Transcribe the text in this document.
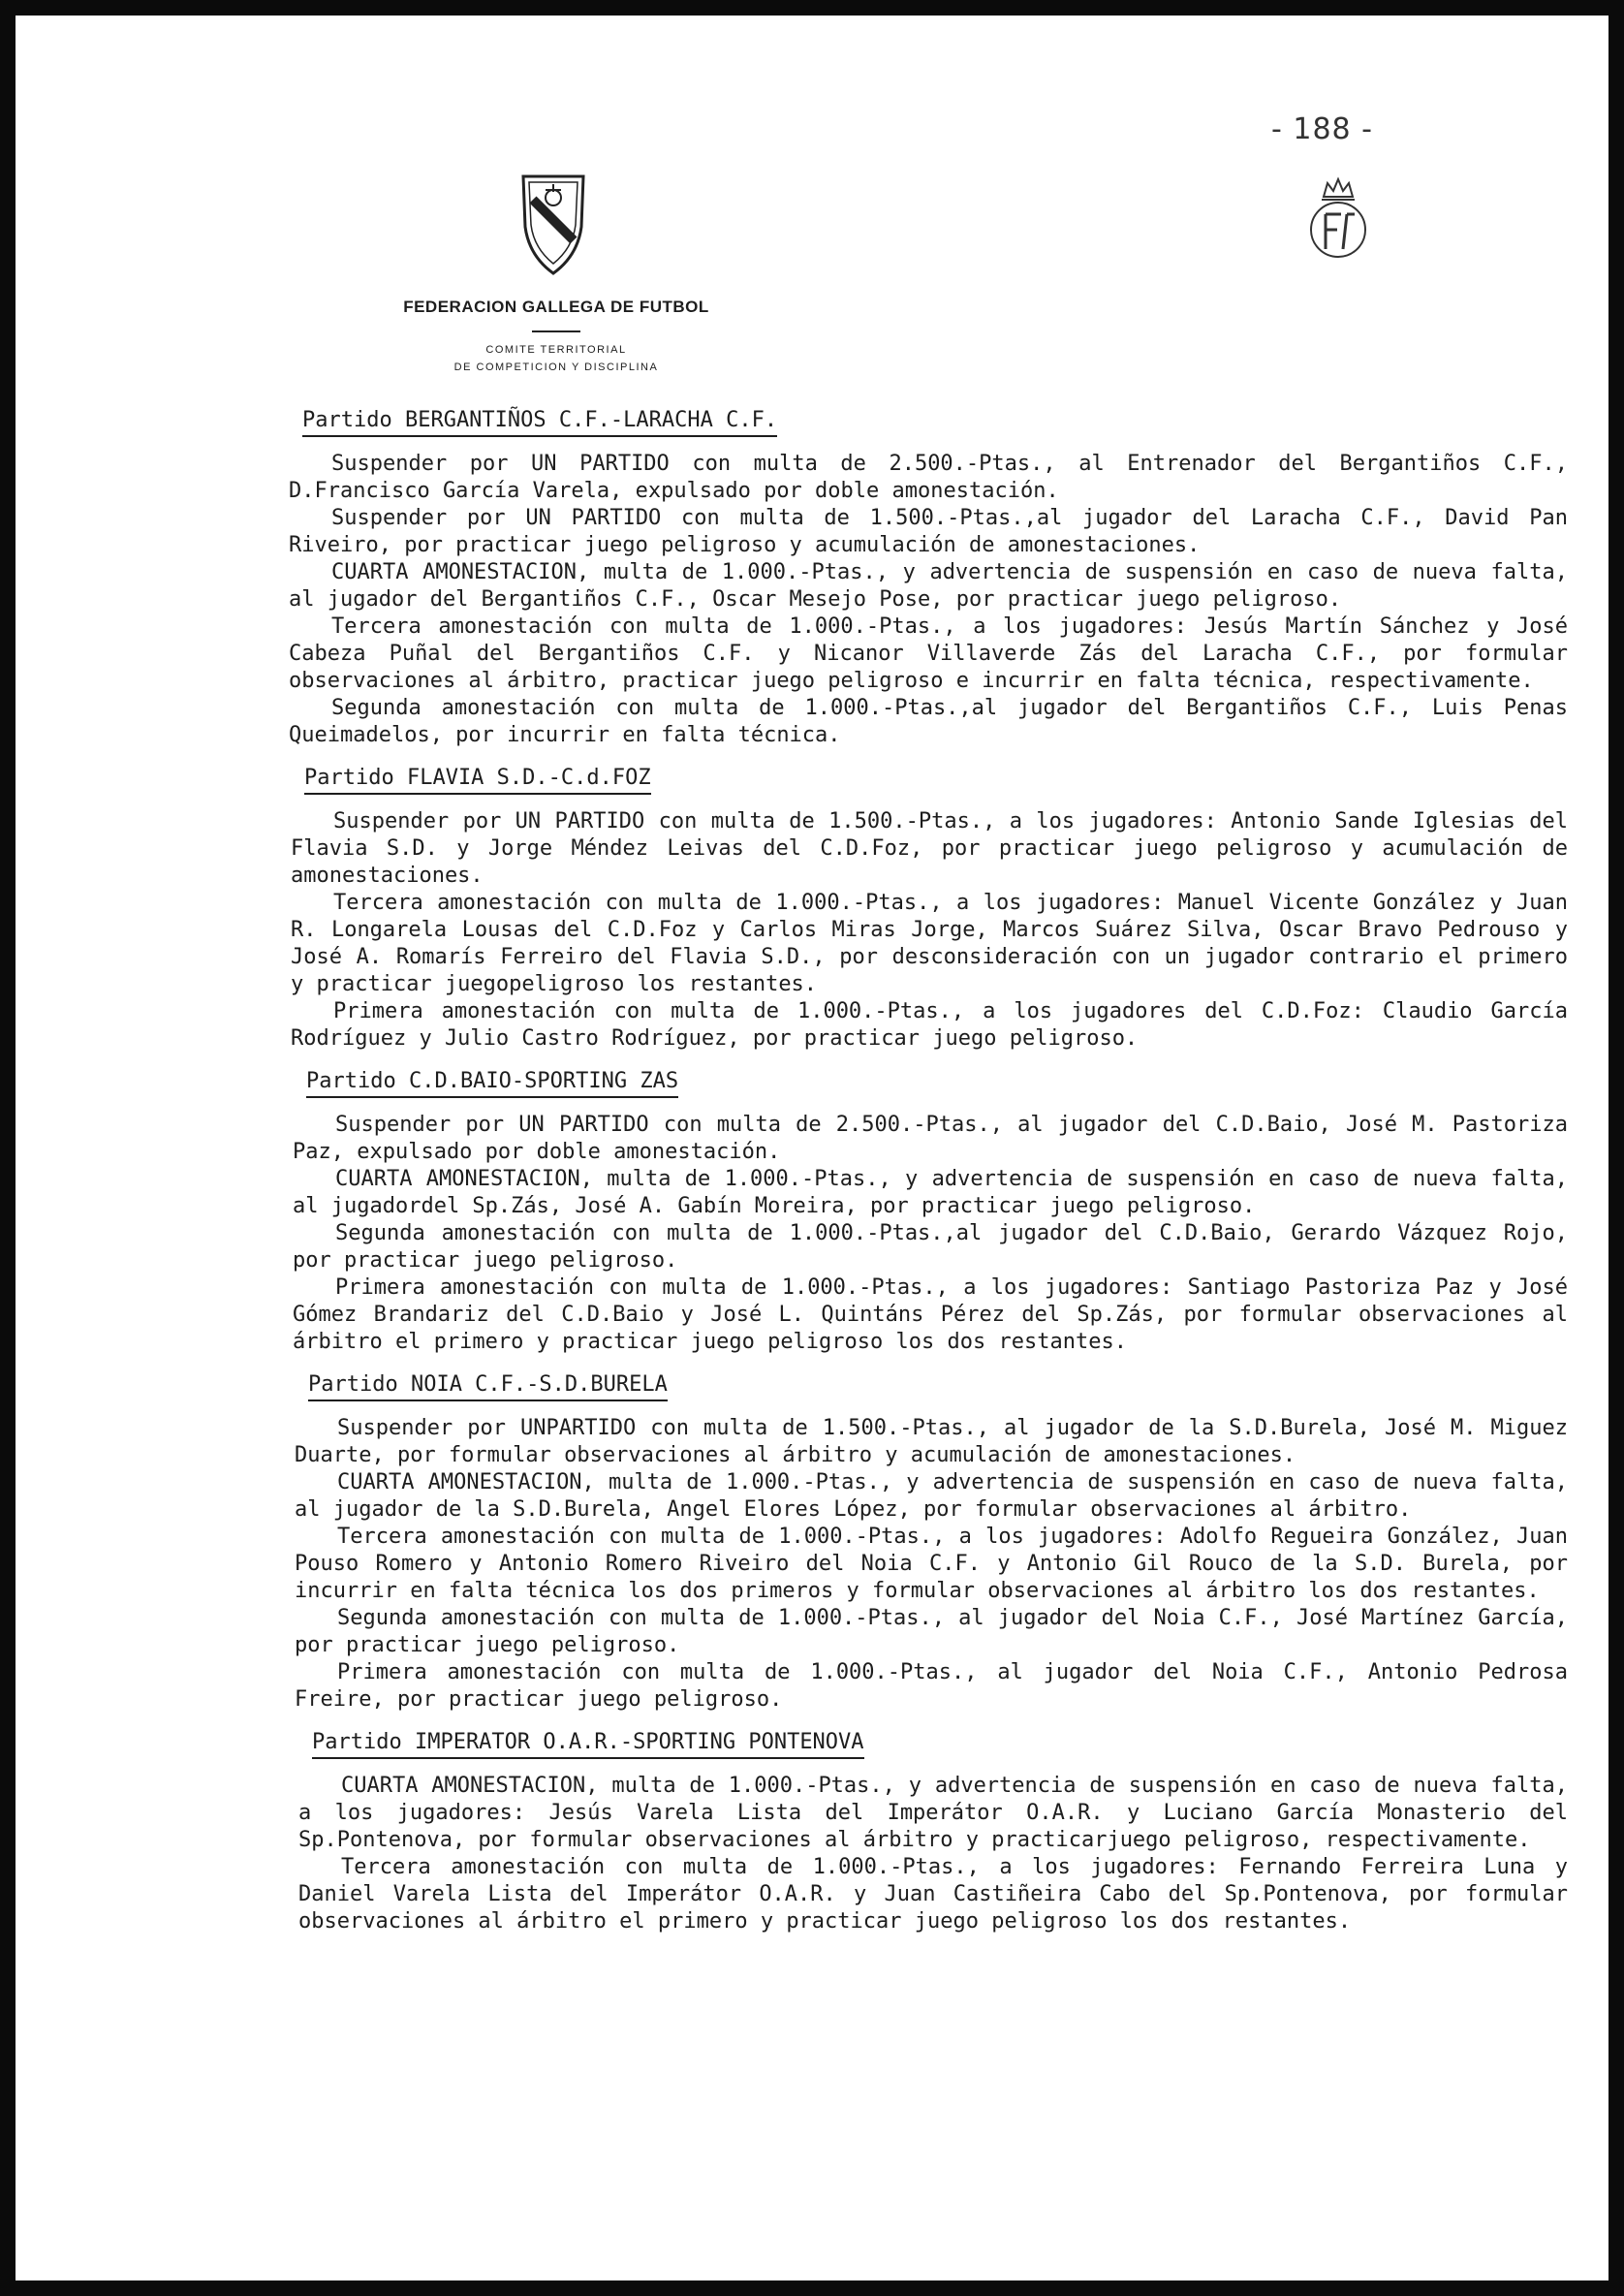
- 188 -
FEDERACION GALLEGA DE FUTBOL
COMITE TERRITORIAL
DE COMPETICION Y DISCIPLINA
Partido BERGANTIÑOS C.F.-LARACHA C.F.

Suspender por UN PARTIDO con multa de 2.500.-Ptas., al Entrenador del Bergantiños C.F., D.Francisco García Varela, expulsado por doble amonestación.

Suspender por UN PARTIDO con multa de 1.500.-Ptas.,al jugador del Laracha C.F., David Pan Riveiro, por practicar juego peligroso y acumulación de amonestaciones.

CUARTA AMONESTACION, multa de 1.000.-Ptas., y advertencia de suspensión en caso de nueva falta, al jugador del Bergantiños C.F., Oscar Mesejo Pose, por practicar juego peligroso.

Tercera amonestación con multa de 1.000.-Ptas., a los jugadores: Jesús Martín Sánchez y José Cabeza Puñal del Bergantiños C.F. y Nicanor Villaverde Zás del Laracha C.F., por formular observaciones al árbitro, practicar juego peligroso e incurrir en falta técnica, respectivamente.

Segunda amonestación con multa de 1.000.-Ptas.,al jugador del Bergantiños C.F., Luis Penas Queimadelos, por incurrir en falta técnica.

Partido FLAVIA S.D.-C.d.FOZ

Suspender por UN PARTIDO con multa de 1.500.-Ptas., a los jugadores: Antonio Sande Iglesias del Flavia S.D. y Jorge Méndez Leivas del C.D.Foz, por practicar juego peligroso y acumulación de amonestaciones.

Tercera amonestación con multa de 1.000.-Ptas., a los jugadores: Manuel Vicente González y Juan R. Longarela Lousas del C.D.Foz y Carlos Miras Jorge, Marcos Suárez Silva, Oscar Bravo Pedrouso y José A. Romarís Ferreiro del Flavia S.D., por desconsideración con un jugador contrario el primero y practicar juegopeligroso los restantes.

Primera amonestación con multa de 1.000.-Ptas., a los jugadores del C.D.Foz: Claudio García Rodríguez y Julio Castro Rodríguez, por practicar juego peligroso.

Partido C.D.BAIO-SPORTING ZAS

Suspender por UN PARTIDO con multa de 2.500.-Ptas., al jugador del C.D.Baio, José M. Pastoriza Paz, expulsado por doble amonestación.

CUARTA AMONESTACION, multa de 1.000.-Ptas., y advertencia de suspensión en caso de nueva falta, al jugadordel Sp.Zás, José A. Gabín Moreira, por practicar juego peligroso.

Segunda amonestación con multa de 1.000.-Ptas.,al jugador del C.D.Baio, Gerardo Vázquez Rojo, por practicar juego peligroso.

Primera amonestación con multa de 1.000.-Ptas., a los jugadores: Santiago Pastoriza Paz y José Gómez Brandariz del C.D.Baio y José L. Quintáns Pérez del Sp.Zás, por formular observaciones al árbitro el primero y practicar juego peligroso los dos restantes.

Partido NOIA C.F.-S.D.BURELA

Suspender por UNPARTIDO con multa de 1.500.-Ptas., al jugador de la S.D.Burela, José M. Miguez Duarte, por formular observaciones al árbitro y acumulación de amonestaciones.

CUARTA AMONESTACION, multa de 1.000.-Ptas., y advertencia de suspensión en caso de nueva falta, al jugador de la S.D.Burela, Angel Elores López, por formular observaciones al árbitro.

Tercera amonestación con multa de 1.000.-Ptas., a los jugadores: Adolfo Regueira González, Juan Pouso Romero y Antonio Romero Riveiro del Noia C.F. y Antonio Gil Rouco de la S.D. Burela, por incurrir en falta técnica los dos primeros y formular observaciones al árbitro los dos restantes.

Segunda amonestación con multa de 1.000.-Ptas., al jugador del Noia C.F., José Martínez García, por practicar juego peligroso.

Primera amonestación con multa de 1.000.-Ptas., al jugador del Noia C.F., Antonio Pedrosa Freire, por practicar juego peligroso.

Partido IMPERATOR O.A.R.-SPORTING PONTENOVA

CUARTA AMONESTACION, multa de 1.000.-Ptas., y advertencia de suspensión en caso de nueva falta, a los jugadores: Jesús Varela Lista del Imperátor O.A.R. y Luciano García Monasterio del Sp.Pontenova, por formular observaciones al árbitro y practicarjuego peligroso, respectivamente.

Tercera amonestación con multa de 1.000.-Ptas., a los jugadores: Fernando Ferreira Luna y Daniel Varela Lista del Imperátor O.A.R. y Juan Castiñeira Cabo del Sp.Pontenova, por formular observaciones al árbitro el primero y practicar juego peligroso los dos restantes.
